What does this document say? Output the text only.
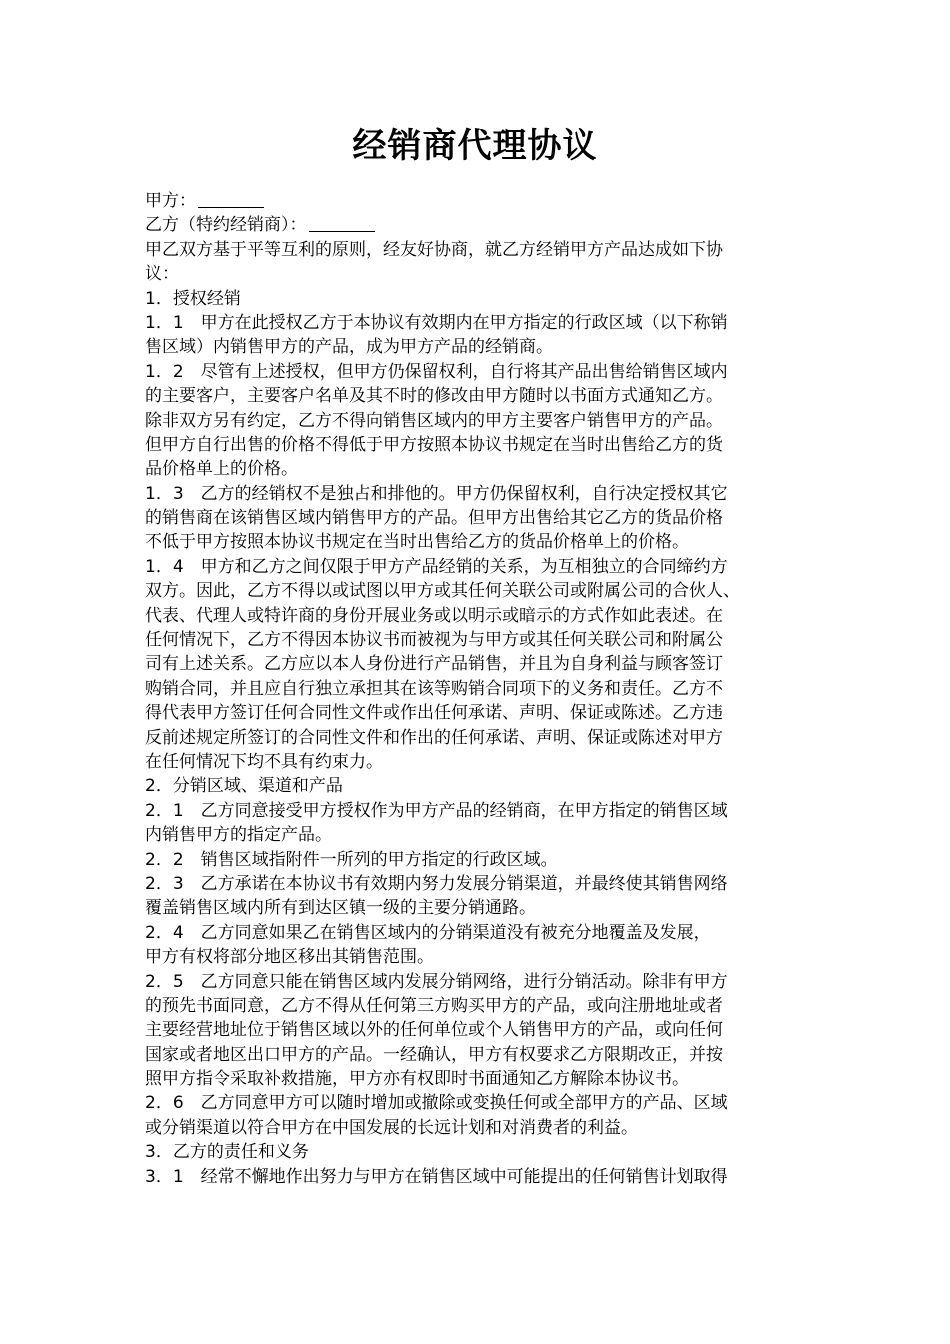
经销商代理协议
甲方：
乙方（特约经销商）：
甲乙双方基于平等互利的原则，经友好协商，就乙方经销甲方产品达成如下协
议：
1．授权经销
1．1　甲方在此授权乙方于本协议有效期内在甲方指定的行政区域（以下称销
售区域）内销售甲方的产品，成为甲方产品的经销商。
1．2　尽管有上述授权，但甲方仍保留权利，自行将其产品出售给销售区域内
的主要客户，主要客户名单及其不时的修改由甲方随时以书面方式通知乙方。
除非双方另有约定，乙方不得向销售区域内的甲方主要客户销售甲方的产品。
但甲方自行出售的价格不得低于甲方按照本协议书规定在当时出售给乙方的货
品价格单上的价格。
1．3　乙方的经销权不是独占和排他的。甲方仍保留权利，自行决定授权其它
的销售商在该销售区域内销售甲方的产品。但甲方出售给其它乙方的货品价格
不低于甲方按照本协议书规定在当时出售给乙方的货品价格单上的价格。
1．4　甲方和乙方之间仅限于甲方产品经销的关系，为互相独立的合同缔约方
双方。因此，乙方不得以或试图以甲方或其任何关联公司或附属公司的合伙人、
代表、代理人或特许商的身份开展业务或以明示或暗示的方式作如此表述。在
任何情况下，乙方不得因本协议书而被视为与甲方或其任何关联公司和附属公
司有上述关系。乙方应以本人身份进行产品销售，并且为自身利益与顾客签订
购销合同，并且应自行独立承担其在该等购销合同项下的义务和责任。乙方不
得代表甲方签订任何合同性文件或作出任何承诺、声明、保证或陈述。乙方违
反前述规定所签订的合同性文件和作出的任何承诺、声明、保证或陈述对甲方
在任何情况下均不具有约束力。
2．分销区域、渠道和产品
2．1　乙方同意接受甲方授权作为甲方产品的经销商，在甲方指定的销售区域
内销售甲方的指定产品。
2．2　销售区域指附件一所列的甲方指定的行政区域。
2．3　乙方承诺在本协议书有效期内努力发展分销渠道，并最终使其销售网络
覆盖销售区域内所有到达区镇一级的主要分销通路。
2．4　乙方同意如果乙在销售区域内的分销渠道没有被充分地覆盖及发展，
甲方有权将部分地区移出其销售范围。
2．5　乙方同意只能在销售区域内发展分销网络，进行分销活动。除非有甲方
的预先书面同意，乙方不得从任何第三方购买甲方的产品，或向注册地址或者
主要经营地址位于销售区域以外的任何单位或个人销售甲方的产品，或向任何
国家或者地区出口甲方的产品。一经确认，甲方有权要求乙方限期改正，并按
照甲方指令采取补救措施，甲方亦有权即时书面通知乙方解除本协议书。
2．6　乙方同意甲方可以随时增加或撤除或变换任何或全部甲方的产品、区域
或分销渠道以符合甲方在中国发展的长远计划和对消费者的利益。
3．乙方的责任和义务
3．1　经常不懈地作出努力与甲方在销售区域中可能提出的任何销售计划取得
